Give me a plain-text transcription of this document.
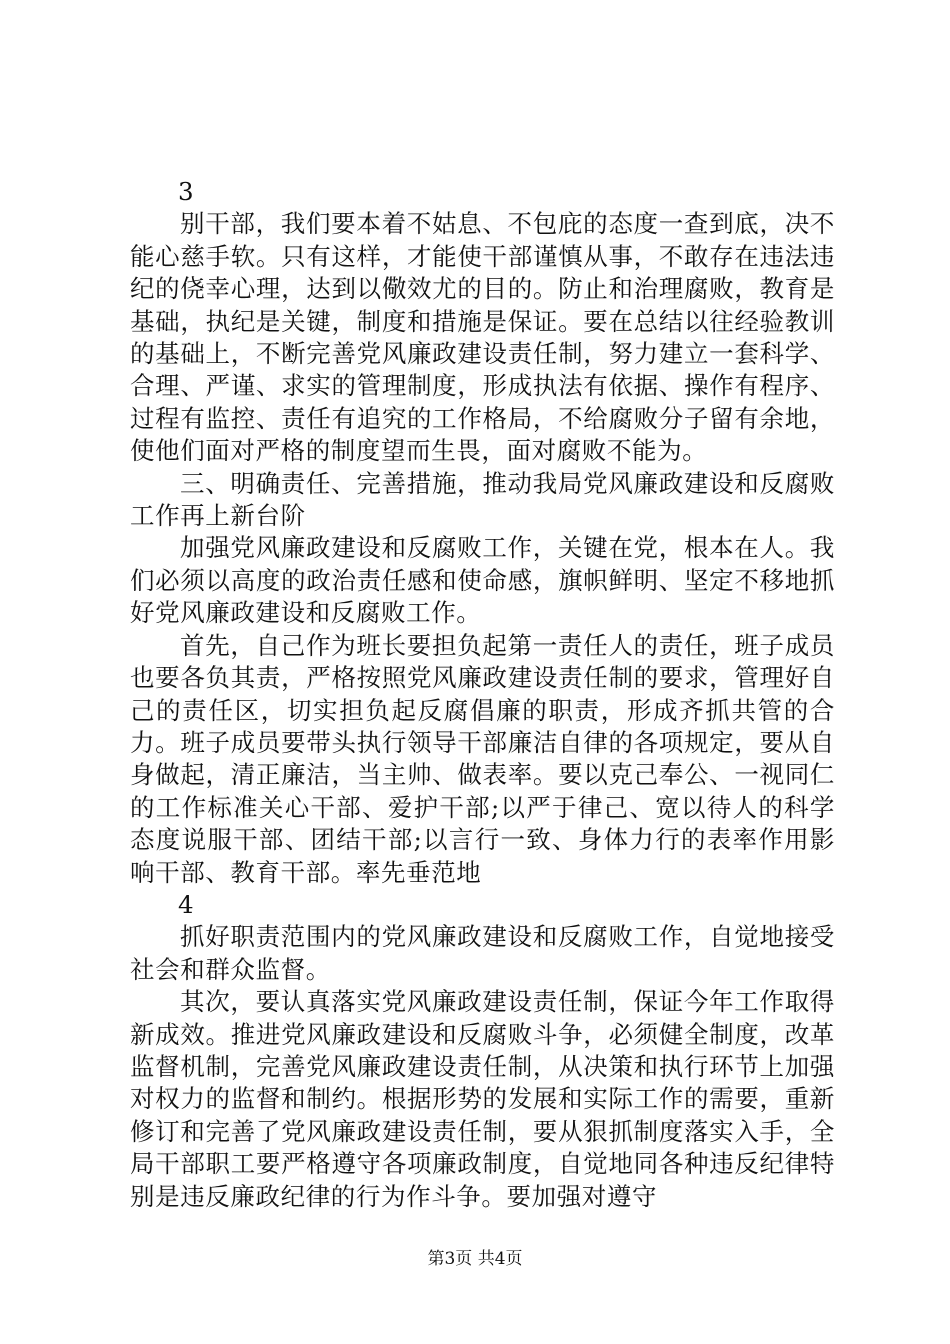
3

别干部，我们要本着不姑息、不包庇的态度一查到底，决不能心慈手软。只有这样，才能使干部谨慎从事，不敢存在违法违纪的侥幸心理，达到以儆效尤的目的。防止和治理腐败，教育是基础，执纪是关键，制度和措施是保证。要在总结以往经验教训的基础上，不断完善党风廉政建设责任制，努力建立一套科学、合理、严谨、求实的管理制度，形成执法有依据、操作有程序、过程有监控、责任有追究的工作格局，不给腐败分子留有余地，使他们面对严格的制度望而生畏，面对腐败不能为。

三、明确责任、完善措施，推动我局党风廉政建设和反腐败工作再上新台阶

加强党风廉政建设和反腐败工作，关键在党，根本在人。我们必须以高度的政治责任感和使命感，旗帜鲜明、坚定不移地抓好党风廉政建设和反腐败工作。

首先，自己作为班长要担负起第一责任人的责任，班子成员也要各负其责，严格按照党风廉政建设责任制的要求，管理好自己的责任区，切实担负起反腐倡廉的职责，形成齐抓共管的合力。班子成员要带头执行领导干部廉洁自律的各项规定，要从自身做起，清正廉洁，当主帅、做表率。要以克己奉公、一视同仁的工作标准关心干部、爱护干部;以严于律己、宽以待人的科学态度说服干部、团结干部;以言行一致、身体力行的表率作用影响干部、教育干部。率先垂范地

4

抓好职责范围内的党风廉政建设和反腐败工作，自觉地接受社会和群众监督。

其次，要认真落实党风廉政建设责任制，保证今年工作取得新成效。推进党风廉政建设和反腐败斗争，必须健全制度，改革监督机制，完善党风廉政建设责任制，从决策和执行环节上加强对权力的监督和制约。根据形势的发展和实际工作的需要，重新修订和完善了党风廉政建设责任制，要从狠抓制度落实入手，全局干部职工要严格遵守各项廉政制度，自觉地同各种违反纪律特别是违反廉政纪律的行为作斗争。要加强对遵守

第3页 共4页
